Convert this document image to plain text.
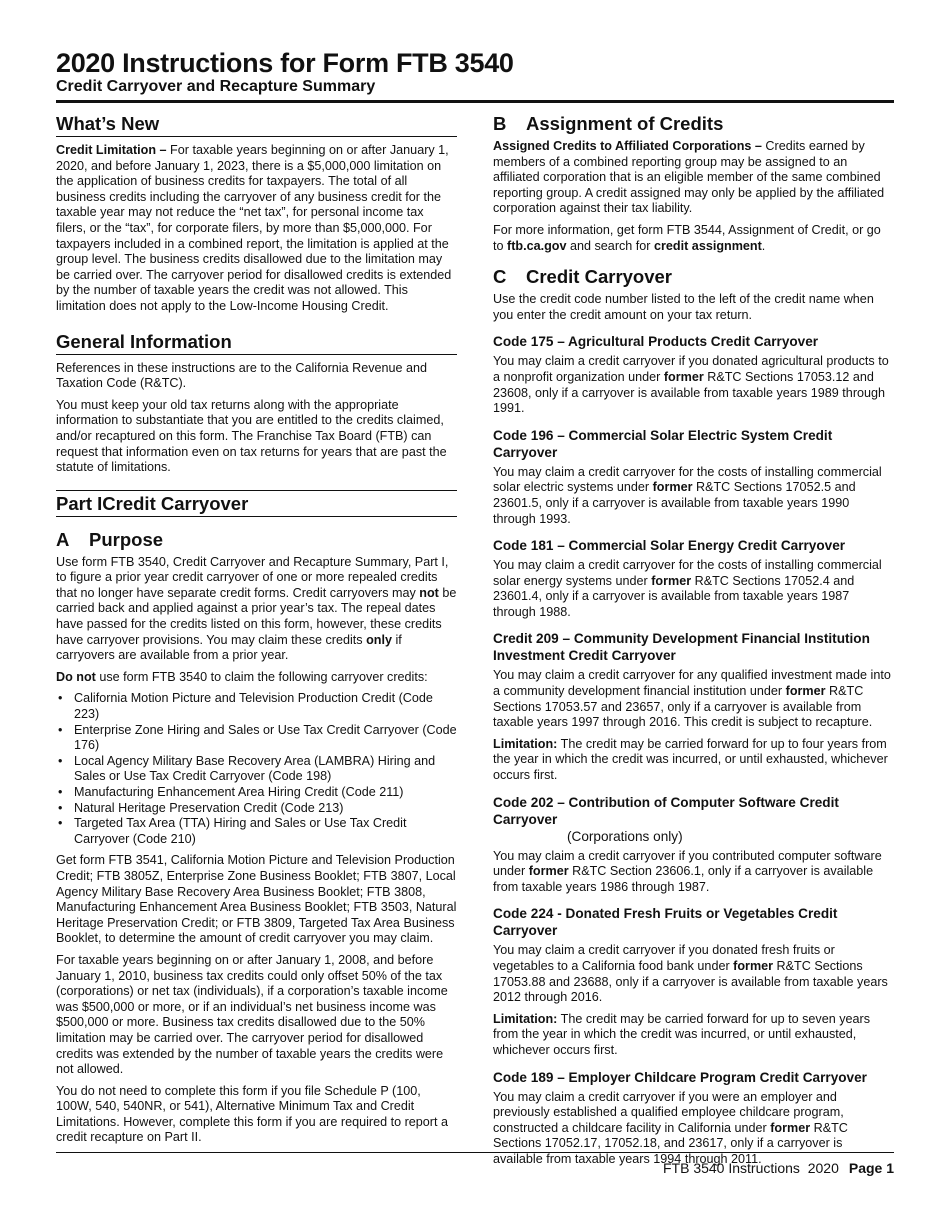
2020 Instructions for Form FTB 3540
Credit Carryover and Recapture Summary
What’s New

Credit Limitation – For taxable years beginning on or after January 1, 2020, and before January 1, 2023, there is a $5,000,000 limitation on the application of business credits for taxpayers. The total of all business credits including the carryover of any business credit for the taxable year may not reduce the “net tax”, for personal income tax filers, or the “tax”, for corporate filers, by more than $5,000,000. For taxpayers included in a combined report, the limitation is applied at the group level. The business credits disallowed due to the limitation may be carried over. The carryover period for disallowed credits is extended by the number of taxable years the credit was not allowed. This limitation does not apply to the Low-Income Housing Credit.

General Information

References in these instructions are to the California Revenue and Taxation Code (R&TC).

You must keep your old tax returns along with the appropriate information to substantiate that you are entitled to the credits claimed, and/or recaptured on this form. The Franchise Tax Board (FTB) can request that information even on tax returns for years that are past the statute of limitations.

Part ICredit Carryover
A Purpose

Use form FTB 3540, Credit Carryover and Recapture Summary, Part I, to figure a prior year credit carryover of one or more repealed credits that no longer have separate credit forms. Credit carryovers may not be carried back and applied against a prior year’s tax. The repeal dates have passed for the credits listed on this form, however, these credits have carryover provisions. You may claim these credits only if carryovers are available from a prior year.

Do not use form FTB 3540 to claim the following carryover credits:

• California Motion Picture and Television Production Credit (Code 223)
• Enterprise Zone Hiring and Sales or Use Tax Credit Carryover (Code 176)
• Local Agency Military Base Recovery Area (LAMBRA) Hiring and Sales or Use Tax Credit Carryover (Code 198)
• Manufacturing Enhancement Area Hiring Credit (Code 211)
• Natural Heritage Preservation Credit (Code 213)
• Targeted Tax Area (TTA) Hiring and Sales or Use Tax Credit Carryover (Code 210)

Get form FTB 3541, California Motion Picture and Television Production Credit; FTB 3805Z, Enterprise Zone Business Booklet; FTB 3807, Local Agency Military Base Recovery Area Business Booklet; FTB 3808, Manufacturing Enhancement Area Business Booklet; FTB 3503, Natural Heritage Preservation Credit; or FTB 3809, Targeted Tax Area Business Booklet, to determine the amount of credit carryover you may claim.

For taxable years beginning on or after January 1, 2008, and before January 1, 2010, business tax credits could only offset 50% of the tax (corporations) or net tax (individuals), if a corporation’s taxable income was $500,000 or more, or if an individual’s net business income was $500,000 or more. Business tax credits disallowed due to the 50% limitation may be carried over. The carryover period for disallowed credits was extended by the number of taxable years the credits were not allowed.

You do not need to complete this form if you file Schedule P (100, 100W, 540, 540NR, or 541), Alternative Minimum Tax and Credit Limitations. However, complete this form if you are required to report a credit recapture on Part II.

B Assignment of Credits

Assigned Credits to Affiliated Corporations – Credits earned by members of a combined reporting group may be assigned to an affiliated corporation that is an eligible member of the same combined reporting group. A credit assigned may only be applied by the affiliated corporation against their tax liability.

For more information, get form FTB 3544, Assignment of Credit, or go to ftb.ca.gov and search for credit assignment.

C Credit Carryover

Use the credit code number listed to the left of the credit name when you enter the credit amount on your tax return.

Code 175 – Agricultural Products Credit Carryover

You may claim a credit carryover if you donated agricultural products to a nonprofit organization under former R&TC Sections 17053.12 and 23608, only if a carryover is available from taxable years 1989 through 1991.

Code 196 – Commercial Solar Electric System Credit Carryover

You may claim a credit carryover for the costs of installing commercial solar electric systems under former R&TC Sections 17052.5 and 23601.5, only if a carryover is available from taxable years 1990 through 1993.

Code 181 – Commercial Solar Energy Credit Carryover

You may claim a credit carryover for the costs of installing commercial solar energy systems under former R&TC Sections 17052.4 and 23601.4, only if a carryover is available from taxable years 1987 through 1988.

Credit 209 – Community Development Financial Institution Investment Credit Carryover

You may claim a credit carryover for any qualified investment made into a community development financial institution under former R&TC Sections 17053.57 and 23657, only if a carryover is available from taxable years 1997 through 2016. This credit is subject to recapture.

Limitation: The credit may be carried forward for up to four years from the year in which the credit was incurred, or until exhausted, whichever occurs first.

Code 202 – Contribution of Computer Software Credit Carryover
(Corporations only)

You may claim a credit carryover if you contributed computer software under former R&TC Section 23606.1, only if a carryover is available from taxable years 1986 through 1987.

Code 224 - Donated Fresh Fruits or Vegetables Credit Carryover

You may claim a credit carryover if you donated fresh fruits or vegetables to a California food bank under former R&TC Sections 17053.88 and 23688, only if a carryover is available from taxable years 2012 through 2016.

Limitation: The credit may be carried forward for up to seven years from the year in which the credit was incurred, or until exhausted, whichever occurs first.

Code 189 – Employer Childcare Program Credit Carryover

You may claim a credit carryover if you were an employer and previously established a qualified employee childcare program, constructed a childcare facility in California under former R&TC Sections 17052.17, 17052.18, and 23617, only if a carryover is available from taxable years 1994 through 2011.

FTB 3540 Instructions  2020 Page 1
